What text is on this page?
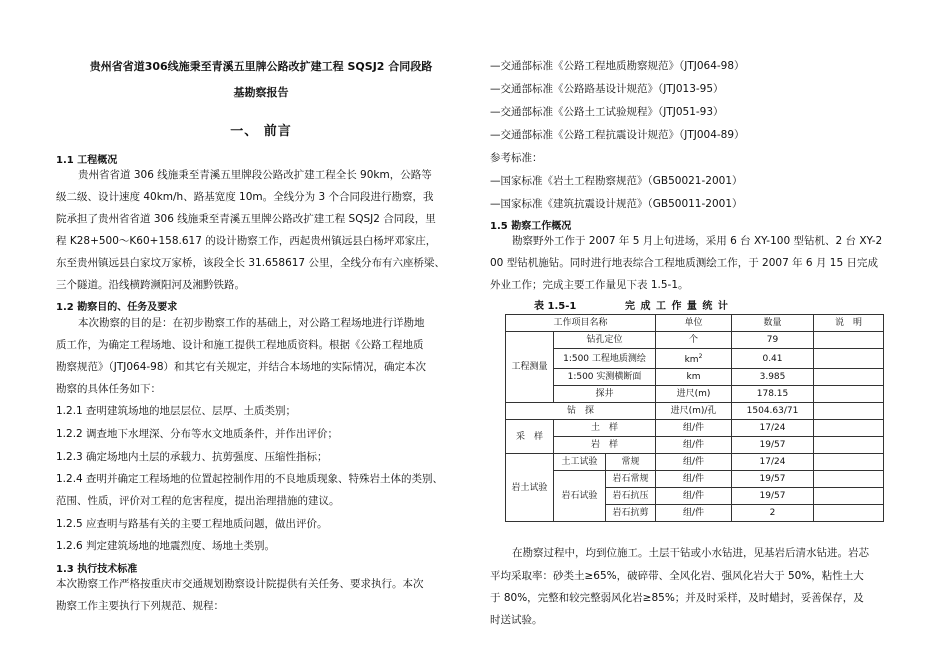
贵州省省道306线施秉至青溪五里牌公路改扩建工程 SQSJ2 合同段路
基勘察报告
一、 前言
1.1 工程概况
贵州省省道 306 线施秉至青溪五里牌段公路改扩建工程全长 90km，公路等
级二级、设计速度 40km/h、路基宽度 10m。全线分为 3 个合同段进行勘察，我
院承担了贵州省省道 306 线施秉至青溪五里牌公路改扩建工程 SQSJ2 合同段，里
程 K28+500～K60+158.617 的设计勘察工作，西起贵州镇远县白杨坪邓家庄，
东至贵州镇远县白家坟万家桥，该段全长 31.658617 公里，全线分布有六座桥梁、
三个隧道。沿线横跨濒阳河及湘黔铁路。
1.2 勘察目的、任务及要求
本次勘察的目的是：在初步勘察工作的基础上，对公路工程场地进行详勘地
质工作，为确定工程场地、设计和施工提供工程地质资料。根据《公路工程地质
勘察规范》（JTJ064-98）和其它有关规定，并结合本场地的实际情况，确定本次
勘察的具体任务如下：
1.2.1 查明建筑场地的地层层位、层厚、土质类别；
1.2.2 调查地下水埋深、分布等水文地质条件，并作出评价；
1.2.3 确定场地内土层的承载力、抗剪强度、压缩性指标；
1.2.4 查明并确定工程场地的位置起控制作用的不良地质现象、特殊岩土体的类别、
范围、性质，评价对工程的危害程度，提出治理措施的建议。
1.2.5 应查明与路基有关的主要工程地质问题，做出评价。
1.2.6 判定建筑场地的地震烈度、场地土类别。
1.3 执行技术标准
本次勘察工作严格按重庆市交通规划勘察设计院提供有关任务、要求执行。本次
勘察工作主要执行下列规范、规程：
—交通部标准《公路工程地质勘察规范》（JTJ064-98）
—交通部标准《公路路基设计规范》（JTJ013-95）
—交通部标准《公路土工试验规程》（JTJ051-93）
—交通部标准《公路工程抗震设计规范》（JTJ004-89）
参考标准：
—国家标准《岩土工程勘察规范》（GB50021-2001）
—国家标准《建筑抗震设计规范》（GB50011-2001）
1.5 勘察工作概况
勘察野外工作于 2007 年 5 月上旬进场，采用 6 台 XY-100 型钻机、2 台 XY-2
00 型钻机施钻。同时进行地表综合工程地质测绘工作，于 2007 年 6 月 15 日完成
外业工作；完成主要工作量见下表 1.5-1。
表 1.5-1	完 成 工 作 量 统 计
工作项目名称			单位	数量	说　明
工程测量	钻孔定位		个	79	
	1:500 工程地质测绘		$km^2$	0.41	
	1:500 实测横断面		km	3.985	
	探井		进尺(m)	178.15	
钻　探			进尺(m)/孔	1504.63/71	
采　样	土　样		组/件	17/24	
	岩　样		组/件	19/57	
岩土试验	土工试验	常规	组/件	17/24	
	岩石试验	岩石常规	组/件	19/57	
		岩石抗压	组/件	19/57	
		岩石抗剪	组/件	2	
在勘察过程中，均到位施工。土层干钻或小水钻进，见基岩后清水钻进。岩芯
平均采取率：砂类土≥65%，破碎带、全风化岩、强风化岩大于 50%，粘性土大
于 80%，完整和较完整弱风化岩≥85%；并及时采样，及时蜡封，妥善保存，及
时送试验。
